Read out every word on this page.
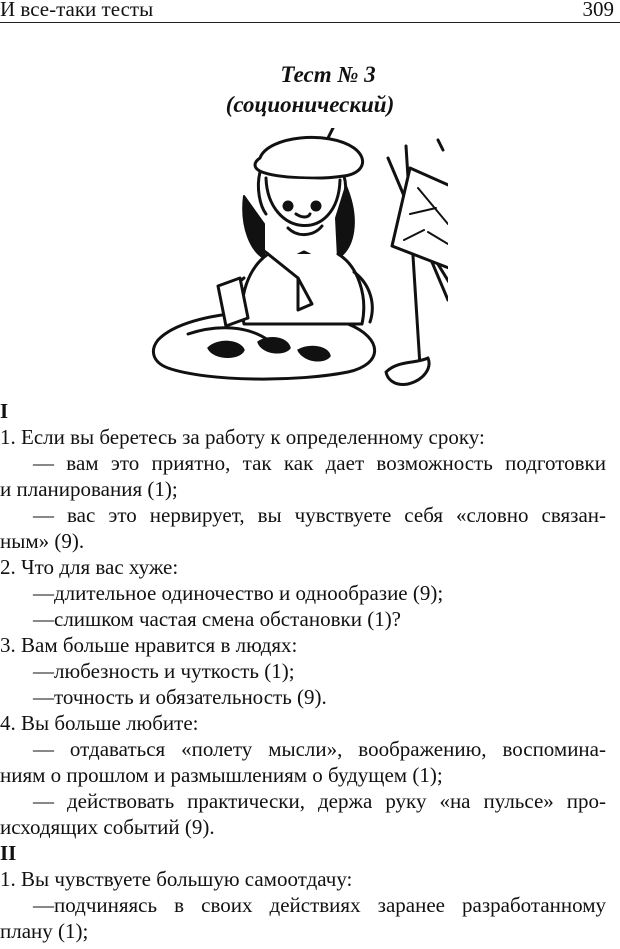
И все-таки тесты	309
Тест № 3
(соционический)
I
1. Если вы беретесь за работу к определенному сроку:
— вам это приятно, так как дает возможность подготовки
и планирования (1);
— вас это нервирует, вы чувствуете себя «словно связан-
ным» (9).
2. Что для вас хуже:
—длительное одиночество и однообразие (9);
—слишком частая смена обстановки (1)?
3. Вам больше нравится в людях:
—любезность и чуткость (1);
—точность и обязательность (9).
4. Вы больше любите:
— отдаваться «полету мысли», воображению, воспомина-
ниям о прошлом и размышлениям о будущем (1);
— действовать практически, держа руку «на пульсе» про-
исходящих событий (9).
II
1. Вы чувствуете большую самоотдачу:
—подчиняясь в своих действиях заранее разработанному
плану (1);
